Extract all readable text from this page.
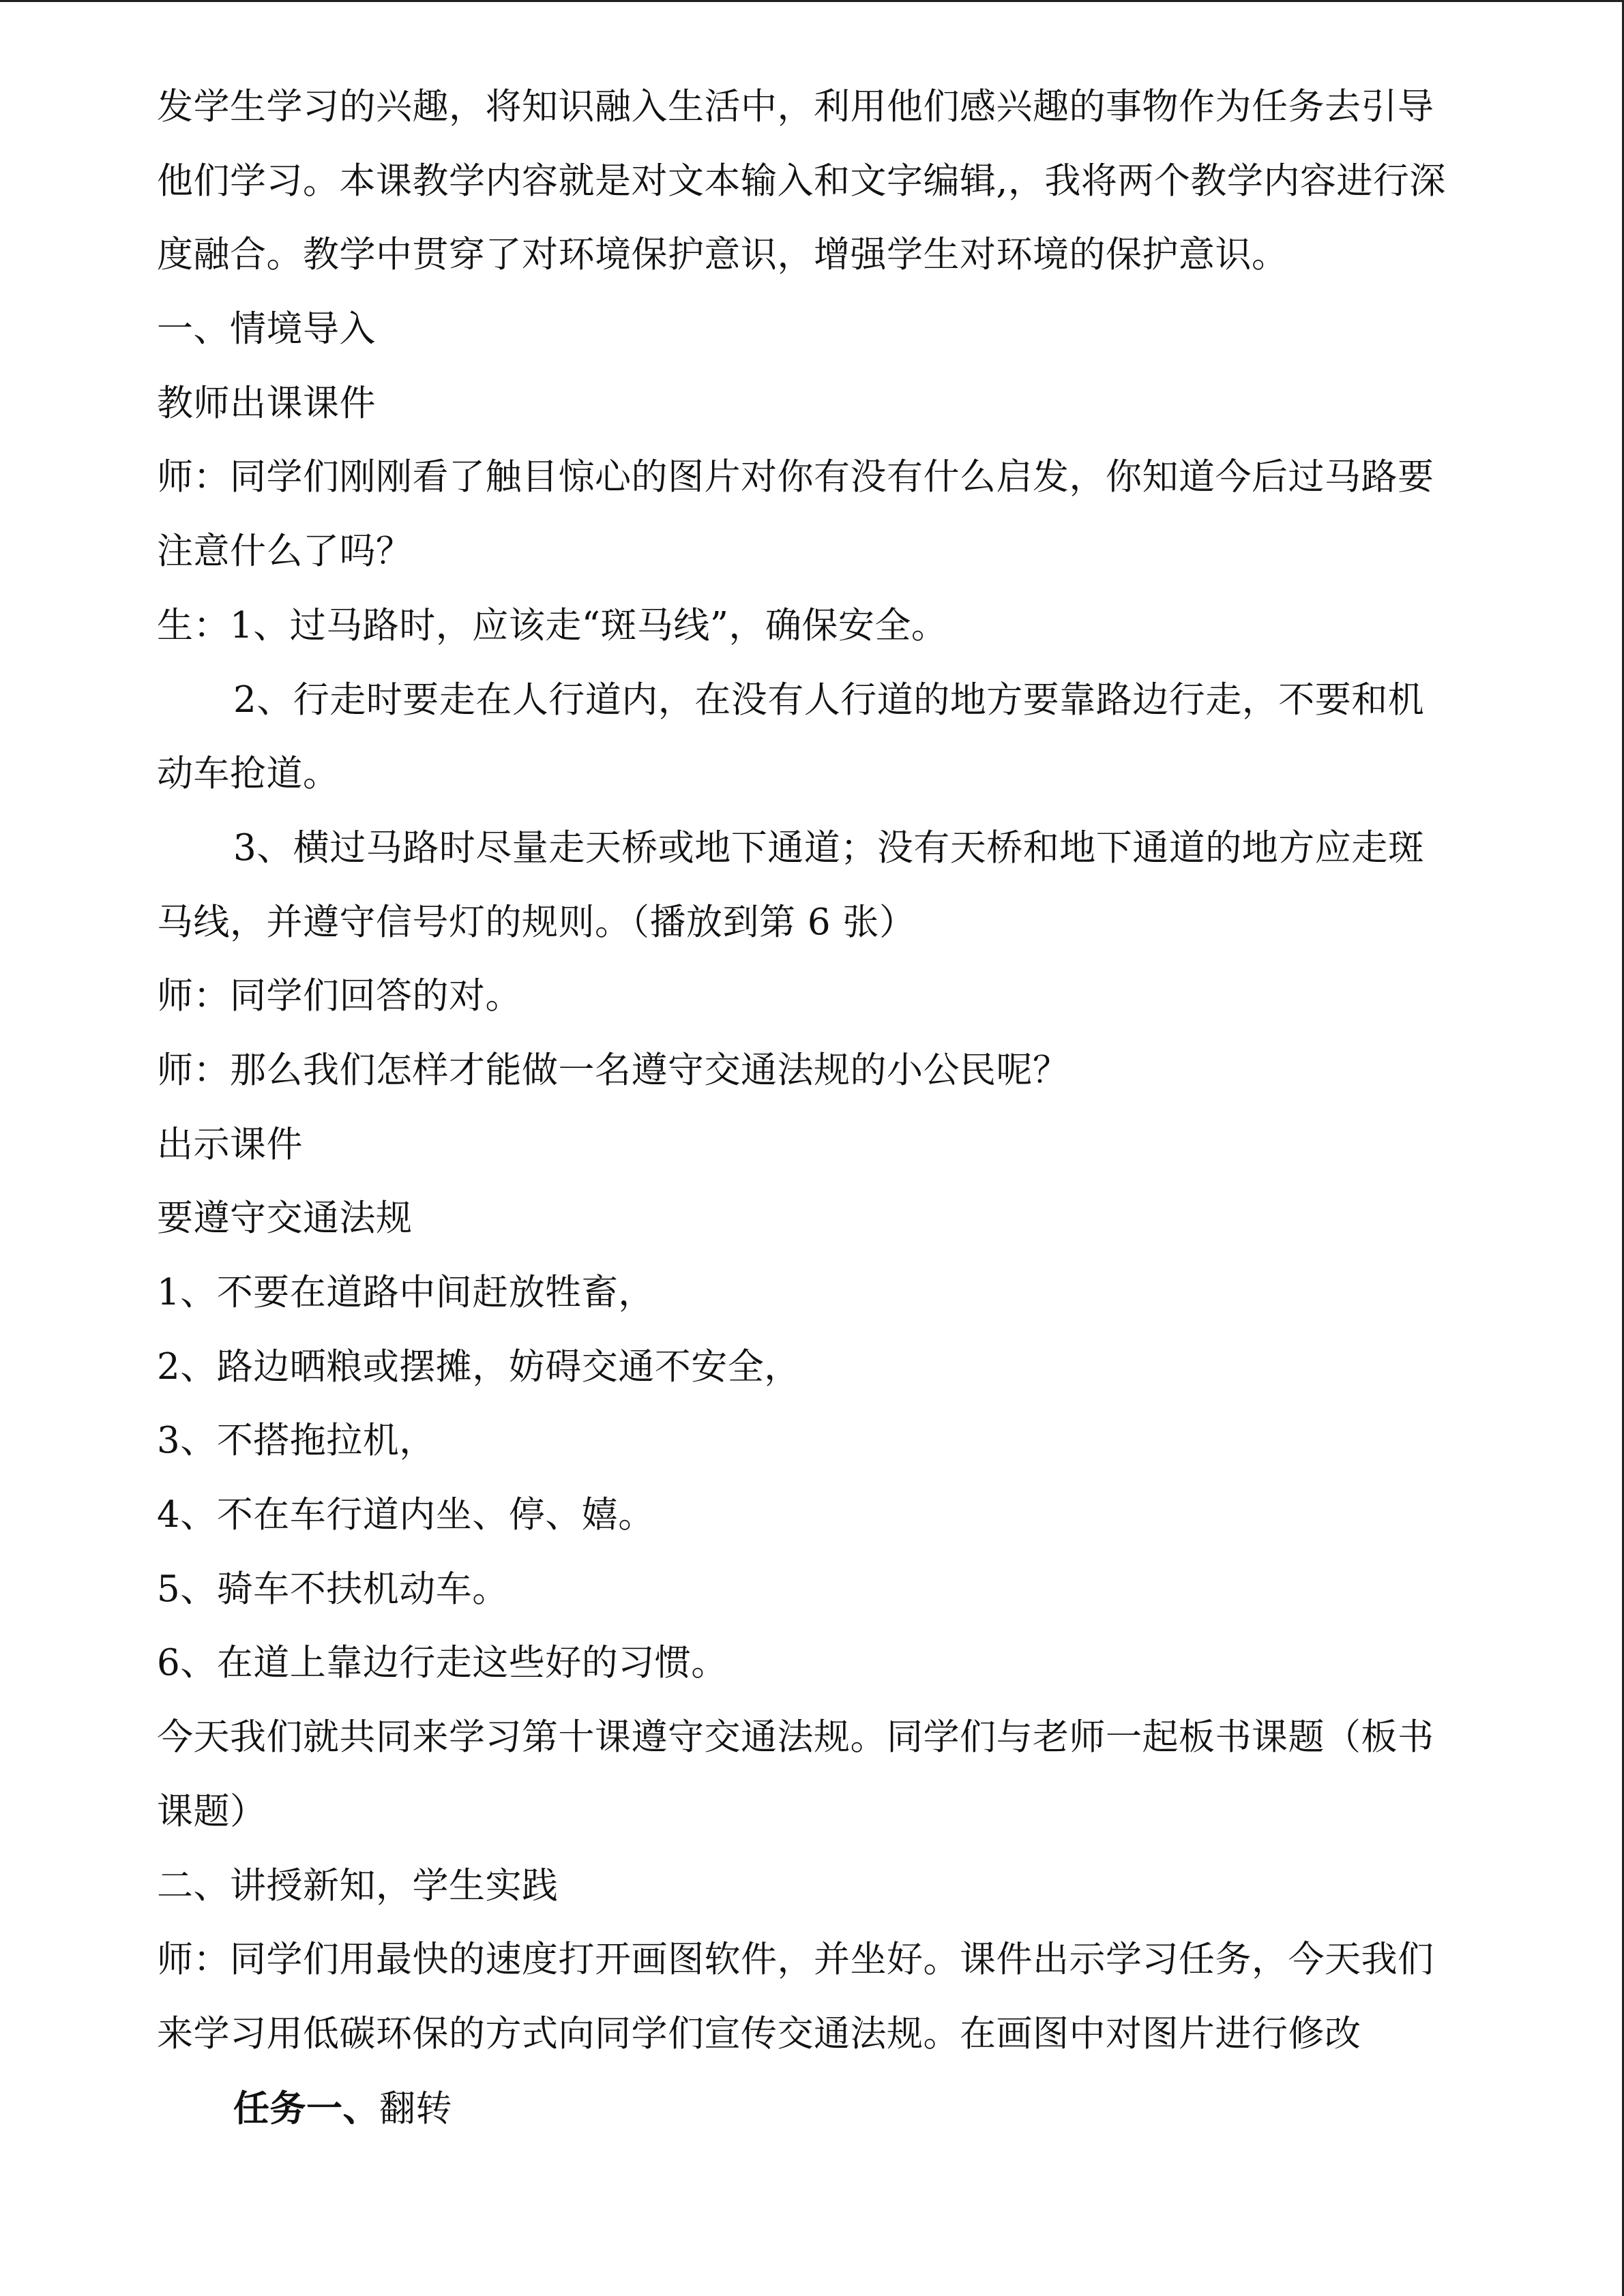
发学生学习的兴趣，将知识融入生活中，利用他们感兴趣的事物作为任务去引导
他们学习。本课教学内容就是对文本输入和文字编辑,，我将两个教学内容进行深
度融合。教学中贯穿了对环境保护意识，增强学生对环境的保护意识。
一、情境导入
教师出课课件
师：同学们刚刚看了触目惊心的图片对你有没有什么启发，你知道今后过马路要
注意什么了吗？
生：1、过马路时，应该走“斑马线”，确保安全。
2、行走时要走在人行道内，在没有人行道的地方要靠路边行走，不要和机
动车抢道。
3、横过马路时尽量走天桥或地下通道；没有天桥和地下通道的地方应走斑
马线，并遵守信号灯的规则。（播放到第 6 张）
师：同学们回答的对。
师：那么我们怎样才能做一名遵守交通法规的小公民呢？
出示课件
要遵守交通法规
1、不要在道路中间赶放牲畜，
2、路边晒粮或摆摊，妨碍交通不安全，
3、不搭拖拉机，
4、不在车行道内坐、停、嬉。
5、骑车不扶机动车。
6、在道上靠边行走这些好的习惯。
今天我们就共同来学习第十课遵守交通法规。同学们与老师一起板书课题（板书
课题）
二、讲授新知，学生实践
师：同学们用最快的速度打开画图软件，并坐好。课件出示学习任务，今天我们
来学习用低碳环保的方式向同学们宣传交通法规。在画图中对图片进行修改
任务一、翻转
